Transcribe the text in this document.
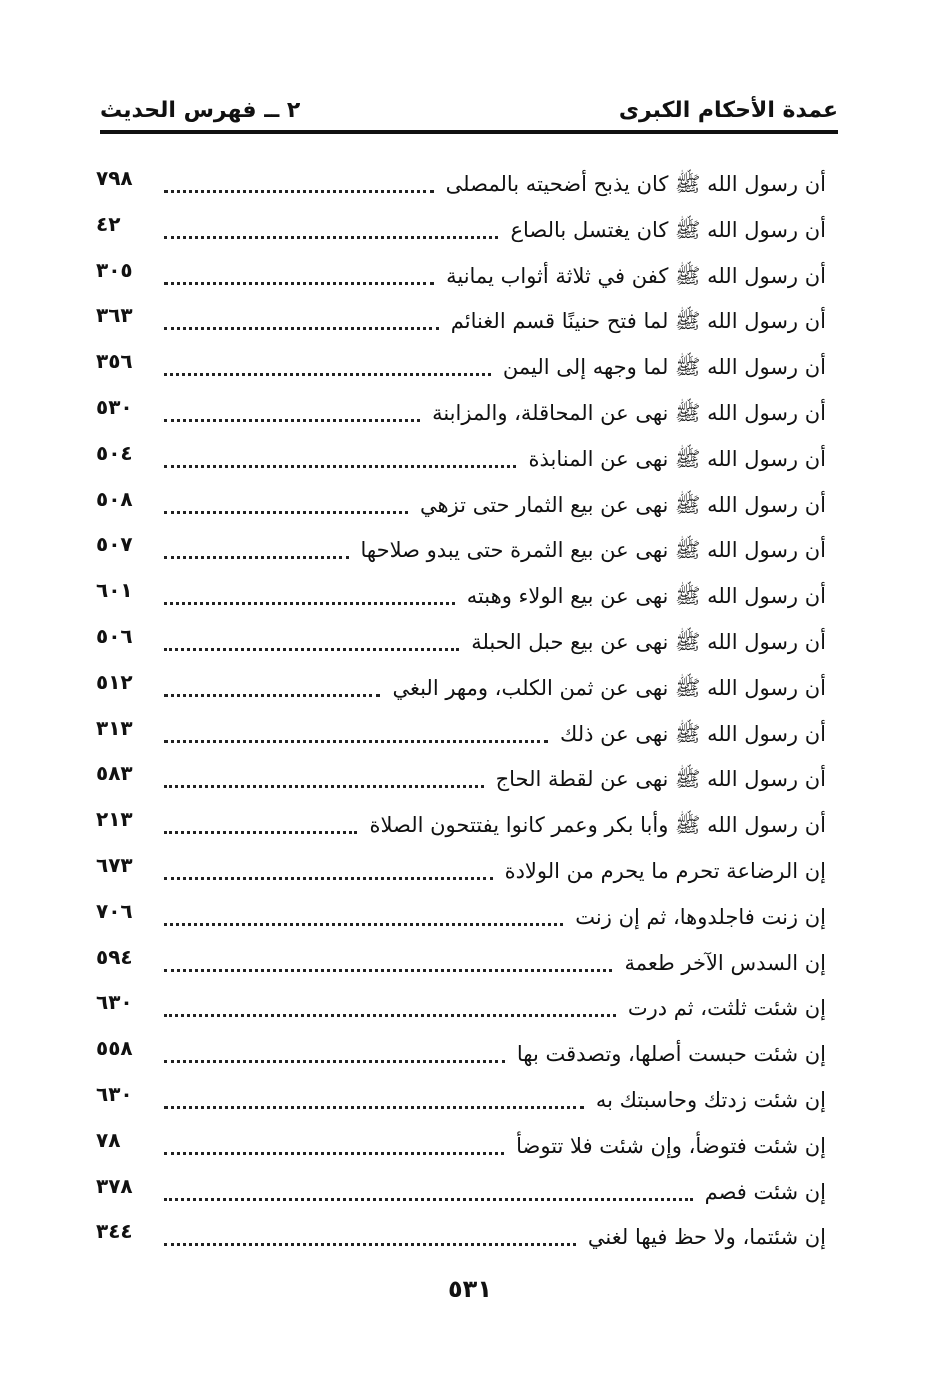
عمدة الأحكام الكبرى
٢ ــ فهرس الحديث
أن رسول الله ﷺ كان يذبح أضحيته بالمصلى
٧٩٨
أن رسول الله ﷺ كان يغتسل بالصاع
٤٢
أن رسول الله ﷺ كفن في ثلاثة أثواب يمانية
٣٠٥
أن رسول الله ﷺ لما فتح حنينًا قسم الغنائم
٣٦٣
أن رسول الله ﷺ لما وجهه إلى اليمن
٣٥٦
أن رسول الله ﷺ نهى عن المحاقلة، والمزابنة
٥٣٠
أن رسول الله ﷺ نهى عن المنابذة
٥٠٤
أن رسول الله ﷺ نهى عن بيع الثمار حتى تزهي
٥٠٨
أن رسول الله ﷺ نهى عن بيع الثمرة حتى يبدو صلاحها
٥٠٧
أن رسول الله ﷺ نهى عن بيع الولاء وهبته
٦٠١
أن رسول الله ﷺ نهى عن بيع حبل الحبلة
٥٠٦
أن رسول الله ﷺ نهى عن ثمن الكلب، ومهر البغي
٥١٢
أن رسول الله ﷺ نهى عن ذلك
٣١٣
أن رسول الله ﷺ نهى عن لقطة الحاج
٥٨٣
أن رسول الله ﷺ وأبا بكر وعمر كانوا يفتتحون الصلاة
٢١٣
إن الرضاعة تحرم ما يحرم من الولادة
٦٧٣
إن زنت فاجلدوها، ثم إن زنت
٧٠٦
إن السدس الآخر طعمة
٥٩٤
إن شئت ثلثت، ثم درت
٦٣٠
إن شئت حبست أصلها، وتصدقت بها
٥٥٨
إن شئت زدتك وحاسبتك به
٦٣٠
إن شئت فتوضأ، وإن شئت فلا تتوضأ
٧٨
إن شئت فصم
٣٧٨
إن شئتما، ولا حظ فيها لغني
٣٤٤
٥٣١
